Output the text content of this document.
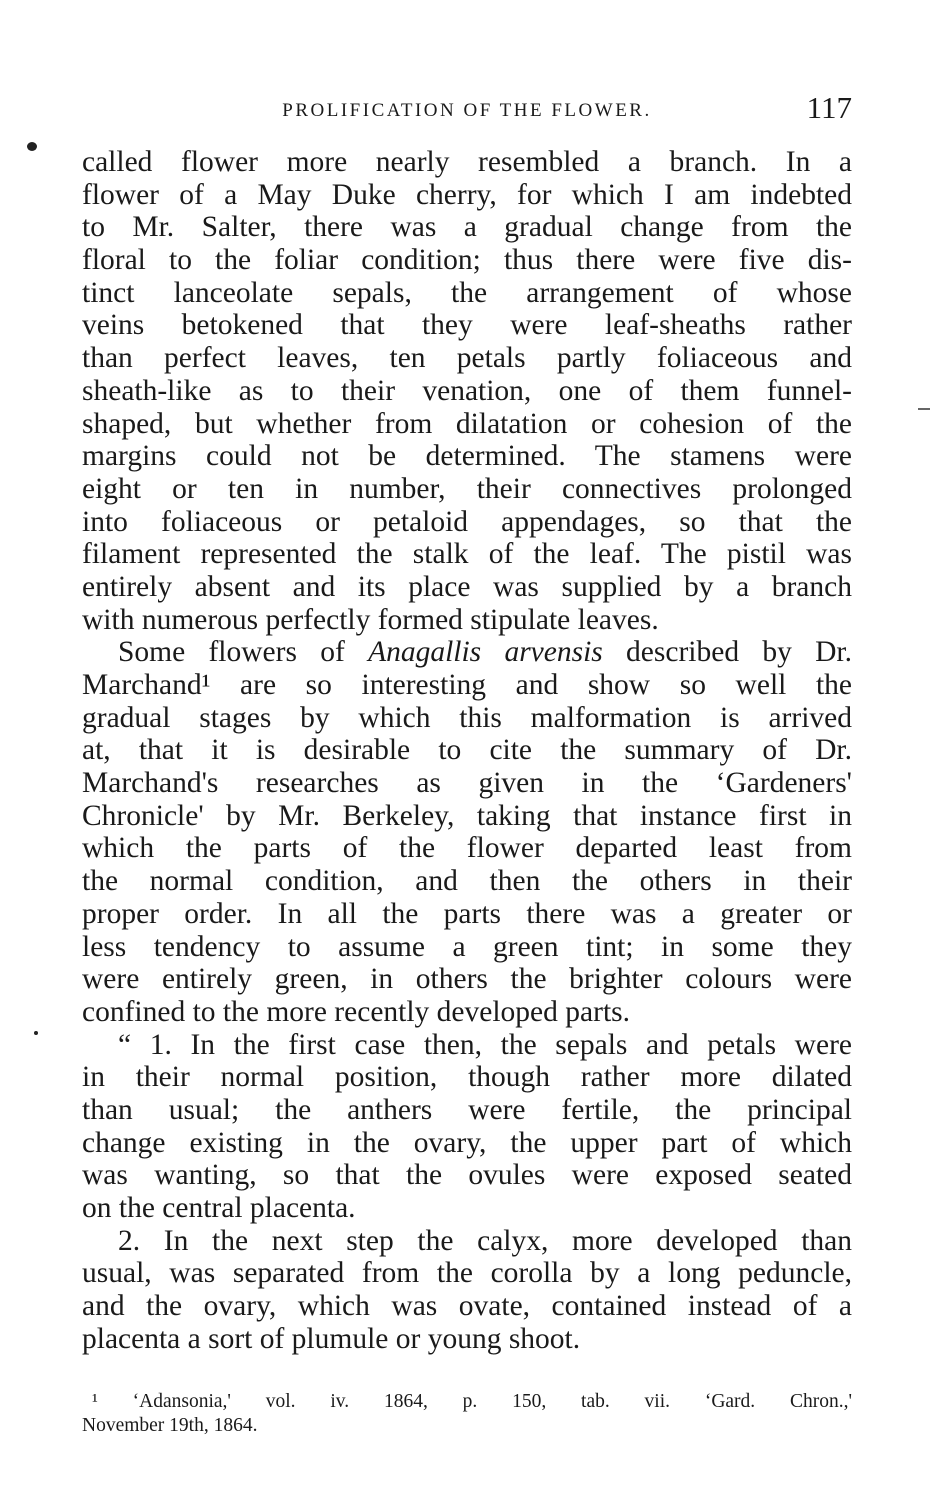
PROLIFICATION OF THE FLOWER.	117
called flower more nearly resembled a branch. In a
flower of a May Duke cherry, for which I am indebted
to Mr. Salter, there was a gradual change from the
floral to the foliar condition; thus there were five dis-
tinct lanceolate sepals, the arrangement of whose
veins betokened that they were leaf-sheaths rather
than perfect leaves, ten petals partly foliaceous and
sheath-like as to their venation, one of them funnel-
shaped, but whether from dilatation or cohesion of the
margins could not be determined. The stamens were
eight or ten in number, their connectives prolonged
into foliaceous or petaloid appendages, so that the
filament represented the stalk of the leaf. The pistil was
entirely absent and its place was supplied by a branch
with numerous perfectly formed stipulate leaves.
Some flowers of Anagallis arvensis described by Dr.
Marchand¹ are so interesting and show so well the
gradual stages by which this malformation is arrived
at, that it is desirable to cite the summary of Dr.
Marchand's researches as given in the ‘Gardeners'
Chronicle' by Mr. Berkeley, taking that instance first in
which the parts of the flower departed least from
the normal condition, and then the others in their
proper order. In all the parts there was a greater or
less tendency to assume a green tint; in some they
were entirely green, in others the brighter colours were
confined to the more recently developed parts.
“ 1. In the first case then, the sepals and petals were
in their normal position, though rather more dilated
than usual; the anthers were fertile, the principal
change existing in the ovary, the upper part of which
was wanting, so that the ovules were exposed seated
on the central placenta.
2. In the next step the calyx, more developed than
usual, was separated from the corolla by a long peduncle,
and the ovary, which was ovate, contained instead of a
placenta a sort of plumule or young shoot.
¹ ‘Adansonia,' vol. iv. 1864, p. 150, tab. vii. ‘Gard. Chron.,'
November 19th, 1864.
